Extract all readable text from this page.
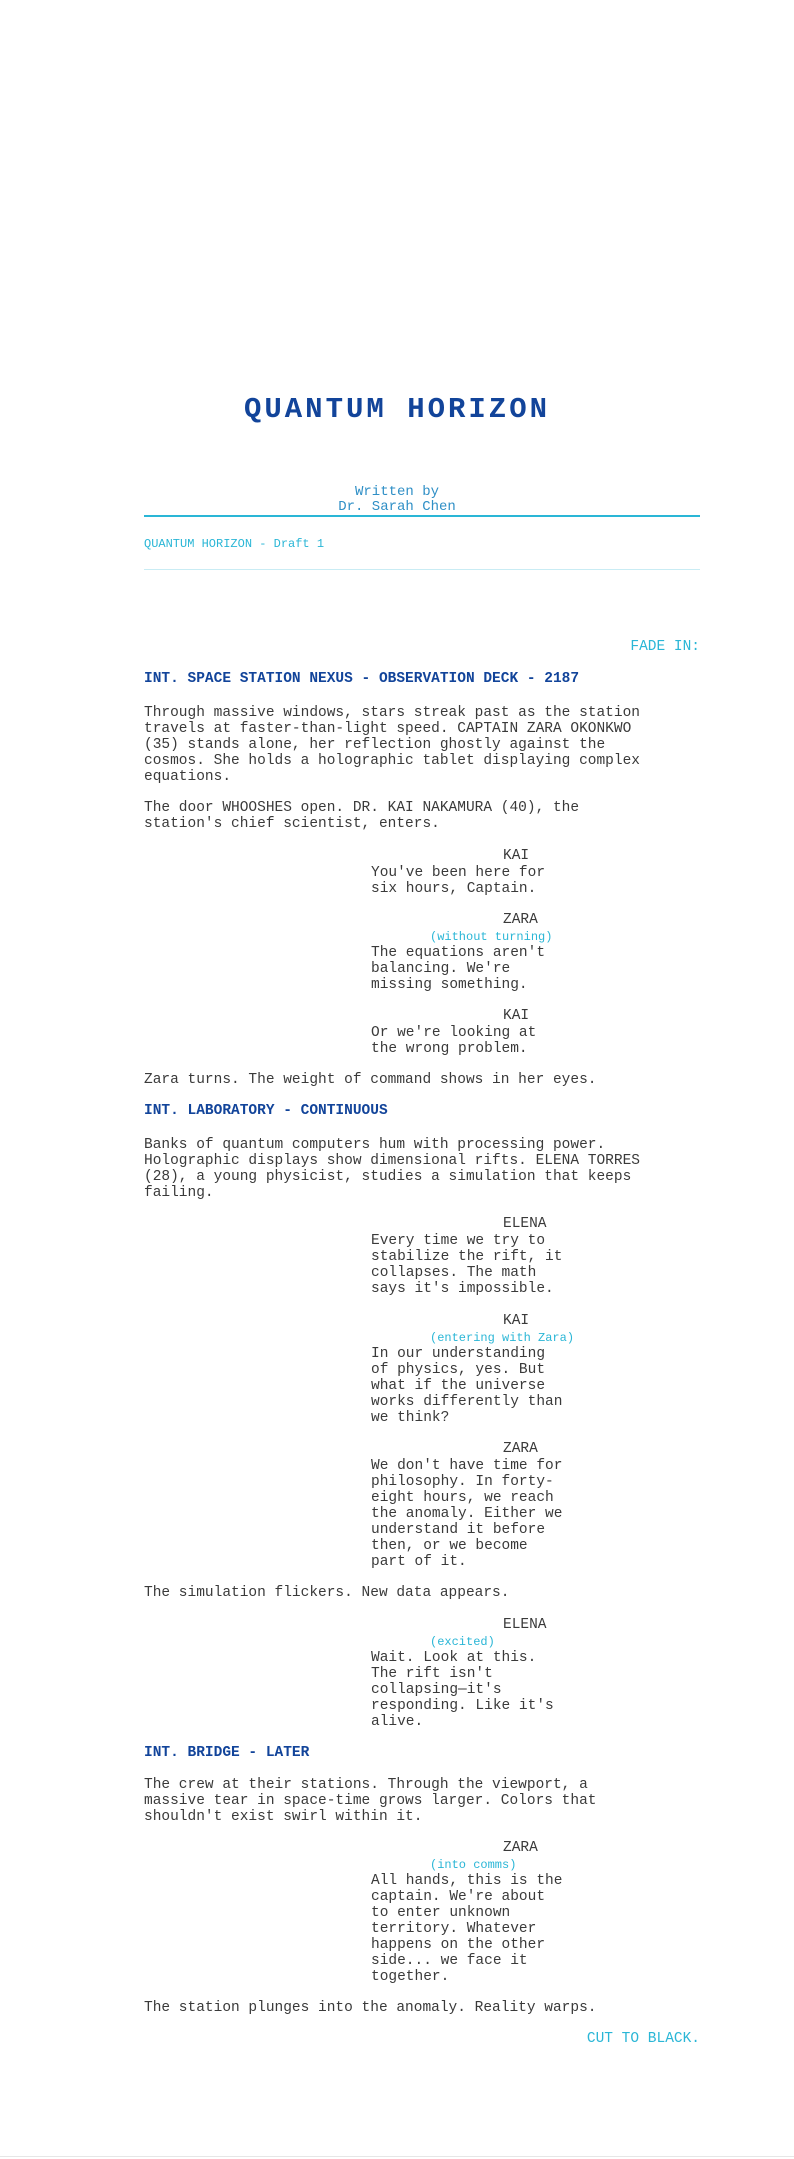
QUANTUM HORIZON
Written by
Dr. Sarah Chen
QUANTUM HORIZON - Draft 1
FADE IN:
INT. SPACE STATION NEXUS - OBSERVATION DECK - 2187
Through massive windows, stars streak past as the station
travels at faster-than-light speed. CAPTAIN ZARA OKONKWO
(35) stands alone, her reflection ghostly against the
cosmos. She holds a holographic tablet displaying complex
equations.
The door WHOOSHES open. DR. KAI NAKAMURA (40), the
station's chief scientist, enters.
KAI
You've been here for
six hours, Captain.
ZARA
(without turning)
The equations aren't
balancing. We're
missing something.
KAI
Or we're looking at
the wrong problem.
Zara turns. The weight of command shows in her eyes.
INT. LABORATORY - CONTINUOUS
Banks of quantum computers hum with processing power.
Holographic displays show dimensional rifts. ELENA TORRES
(28), a young physicist, studies a simulation that keeps
failing.
ELENA
Every time we try to
stabilize the rift, it
collapses. The math
says it's impossible.
KAI
(entering with Zara)
In our understanding
of physics, yes. But
what if the universe
works differently than
we think?
ZARA
We don't have time for
philosophy. In forty-
eight hours, we reach
the anomaly. Either we
understand it before
then, or we become
part of it.
The simulation flickers. New data appears.
ELENA
(excited)
Wait. Look at this.
The rift isn't
collapsing—it's
responding. Like it's
alive.
INT. BRIDGE - LATER
The crew at their stations. Through the viewport, a
massive tear in space-time grows larger. Colors that
shouldn't exist swirl within it.
ZARA
(into comms)
All hands, this is the
captain. We're about
to enter unknown
territory. Whatever
happens on the other
side... we face it
together.
The station plunges into the anomaly. Reality warps.
CUT TO BLACK.
